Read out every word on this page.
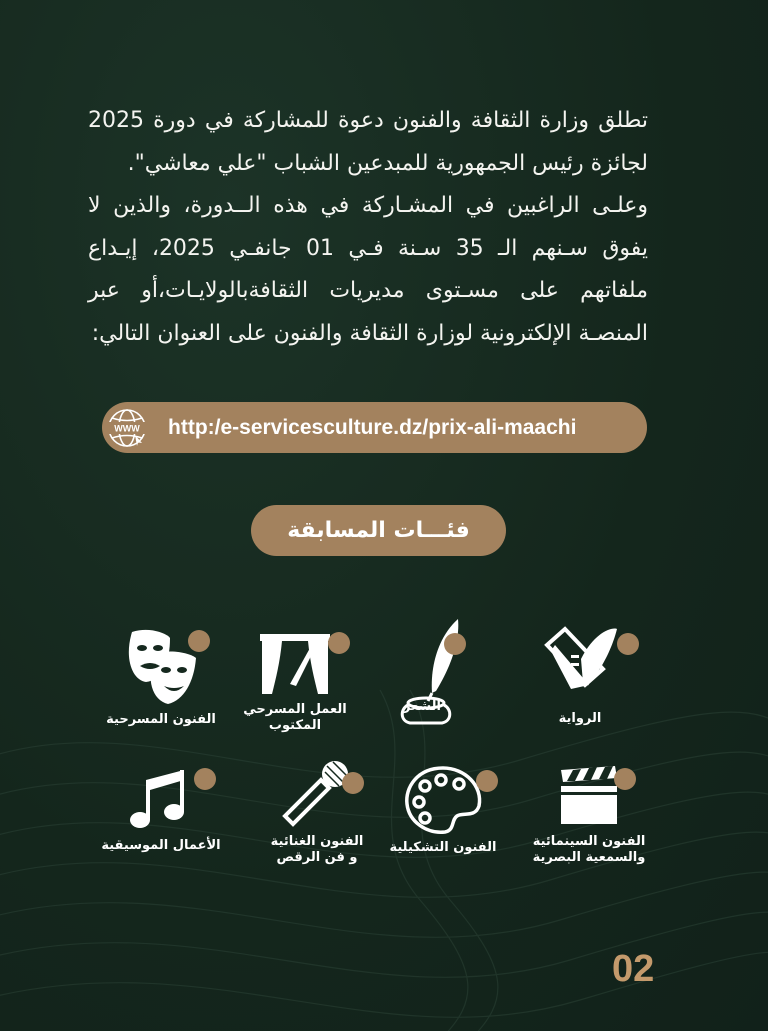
تطلق وزارة الثقافة والفنون دعوة للمشاركة في دورة 2025 لجائزة رئيس الجمهورية للمبدعين الشباب "علي معاشي".

وعلـى الراغبين في المشـاركة في هذه الــدورة، والذين لا يفوق سـنهم الـ 35 سـنة فـي 01 جانفـي 2025، إيـداع ملفاتهم على مسـتوى مديريات الثقافةبالولايـات،أو عبر المنصـة الإلكترونية لوزارة الثقافة والفنون على العنوان التالي:

WWW http:/e-servicesculture.dz/prix-ali-maachi
فئـــات المسابقة
الرواية
الشعر
العمل المسرحي
المكتوب
الفنون المسرحية
الفنون السينمائية
والسمعية البصرية
الفنون التشكيلية
الفنون الغنائية
و فن الرقص
الأعمال الموسيقية
02
